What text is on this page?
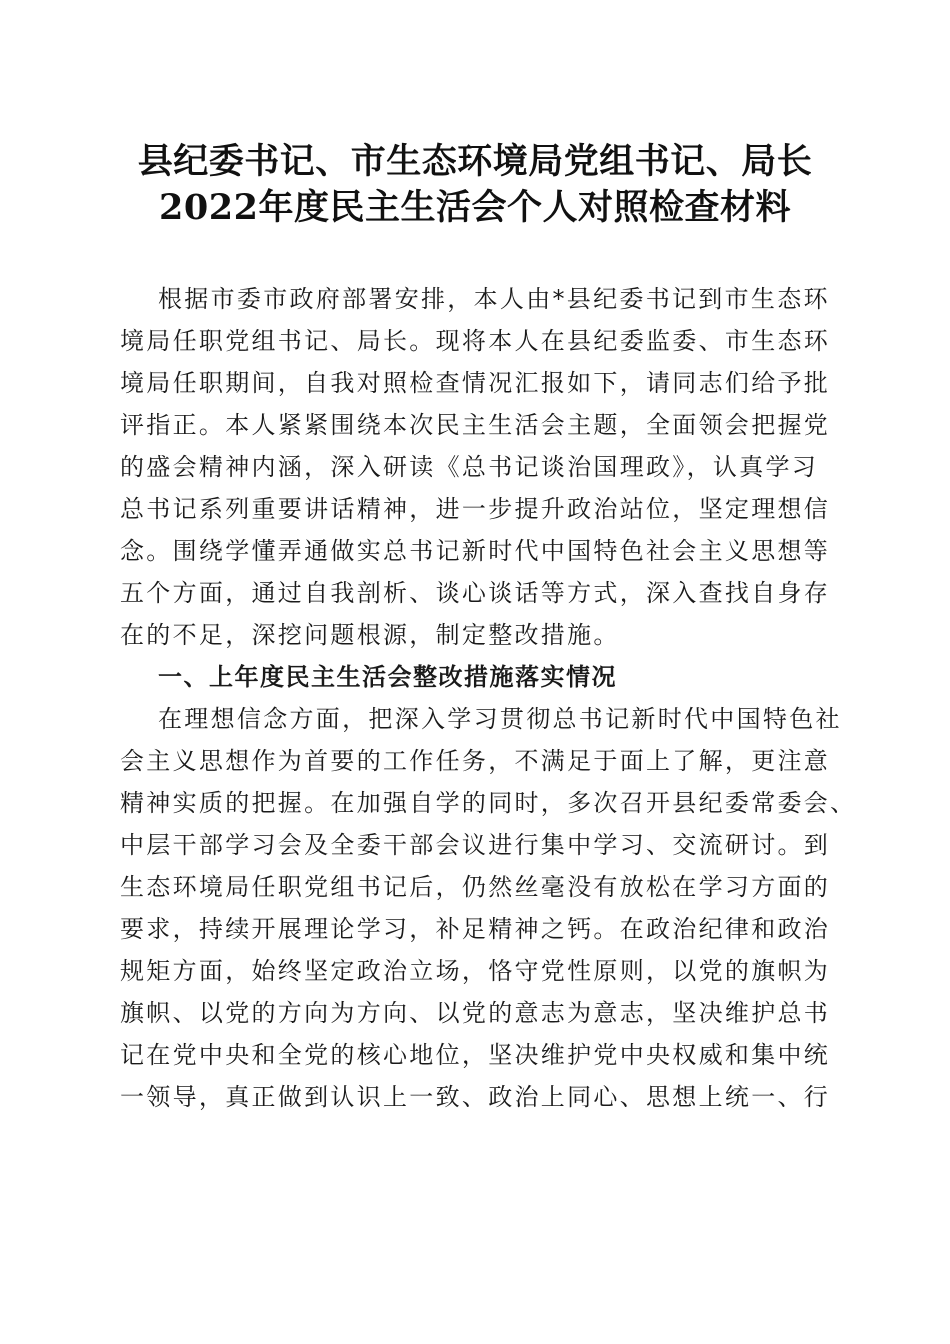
县纪委书记、市生态环境局党组书记、局长
2022年度民主生活会个人对照检查材料
根据市委市政府部署安排，本人由*县纪委书记到市生态环
境局任职党组书记、局长。现将本人在县纪委监委、市生态环
境局任职期间，自我对照检查情况汇报如下，请同志们给予批
评指正。本人紧紧围绕本次民主生活会主题，全面领会把握党
的盛会精神内涵，深入研读《总书记谈治国理政》，认真学习
总书记系列重要讲话精神，进一步提升政治站位，坚定理想信
念。围绕学懂弄通做实总书记新时代中国特色社会主义思想等
五个方面，通过自我剖析、谈心谈话等方式，深入查找自身存
在的不足，深挖问题根源，制定整改措施。
一、上年度民主生活会整改措施落实情况
在理想信念方面，把深入学习贯彻总书记新时代中国特色社
会主义思想作为首要的工作任务，不满足于面上了解，更注意
精神实质的把握。在加强自学的同时，多次召开县纪委常委会、
中层干部学习会及全委干部会议进行集中学习、交流研讨。到
生态环境局任职党组书记后，仍然丝毫没有放松在学习方面的
要求，持续开展理论学习，补足精神之钙。在政治纪律和政治
规矩方面，始终坚定政治立场，恪守党性原则，以党的旗帜为
旗帜、以党的方向为方向、以党的意志为意志，坚决维护总书
记在党中央和全党的核心地位，坚决维护党中央权威和集中统
一领导，真正做到认识上一致、政治上同心、思想上统一、行
